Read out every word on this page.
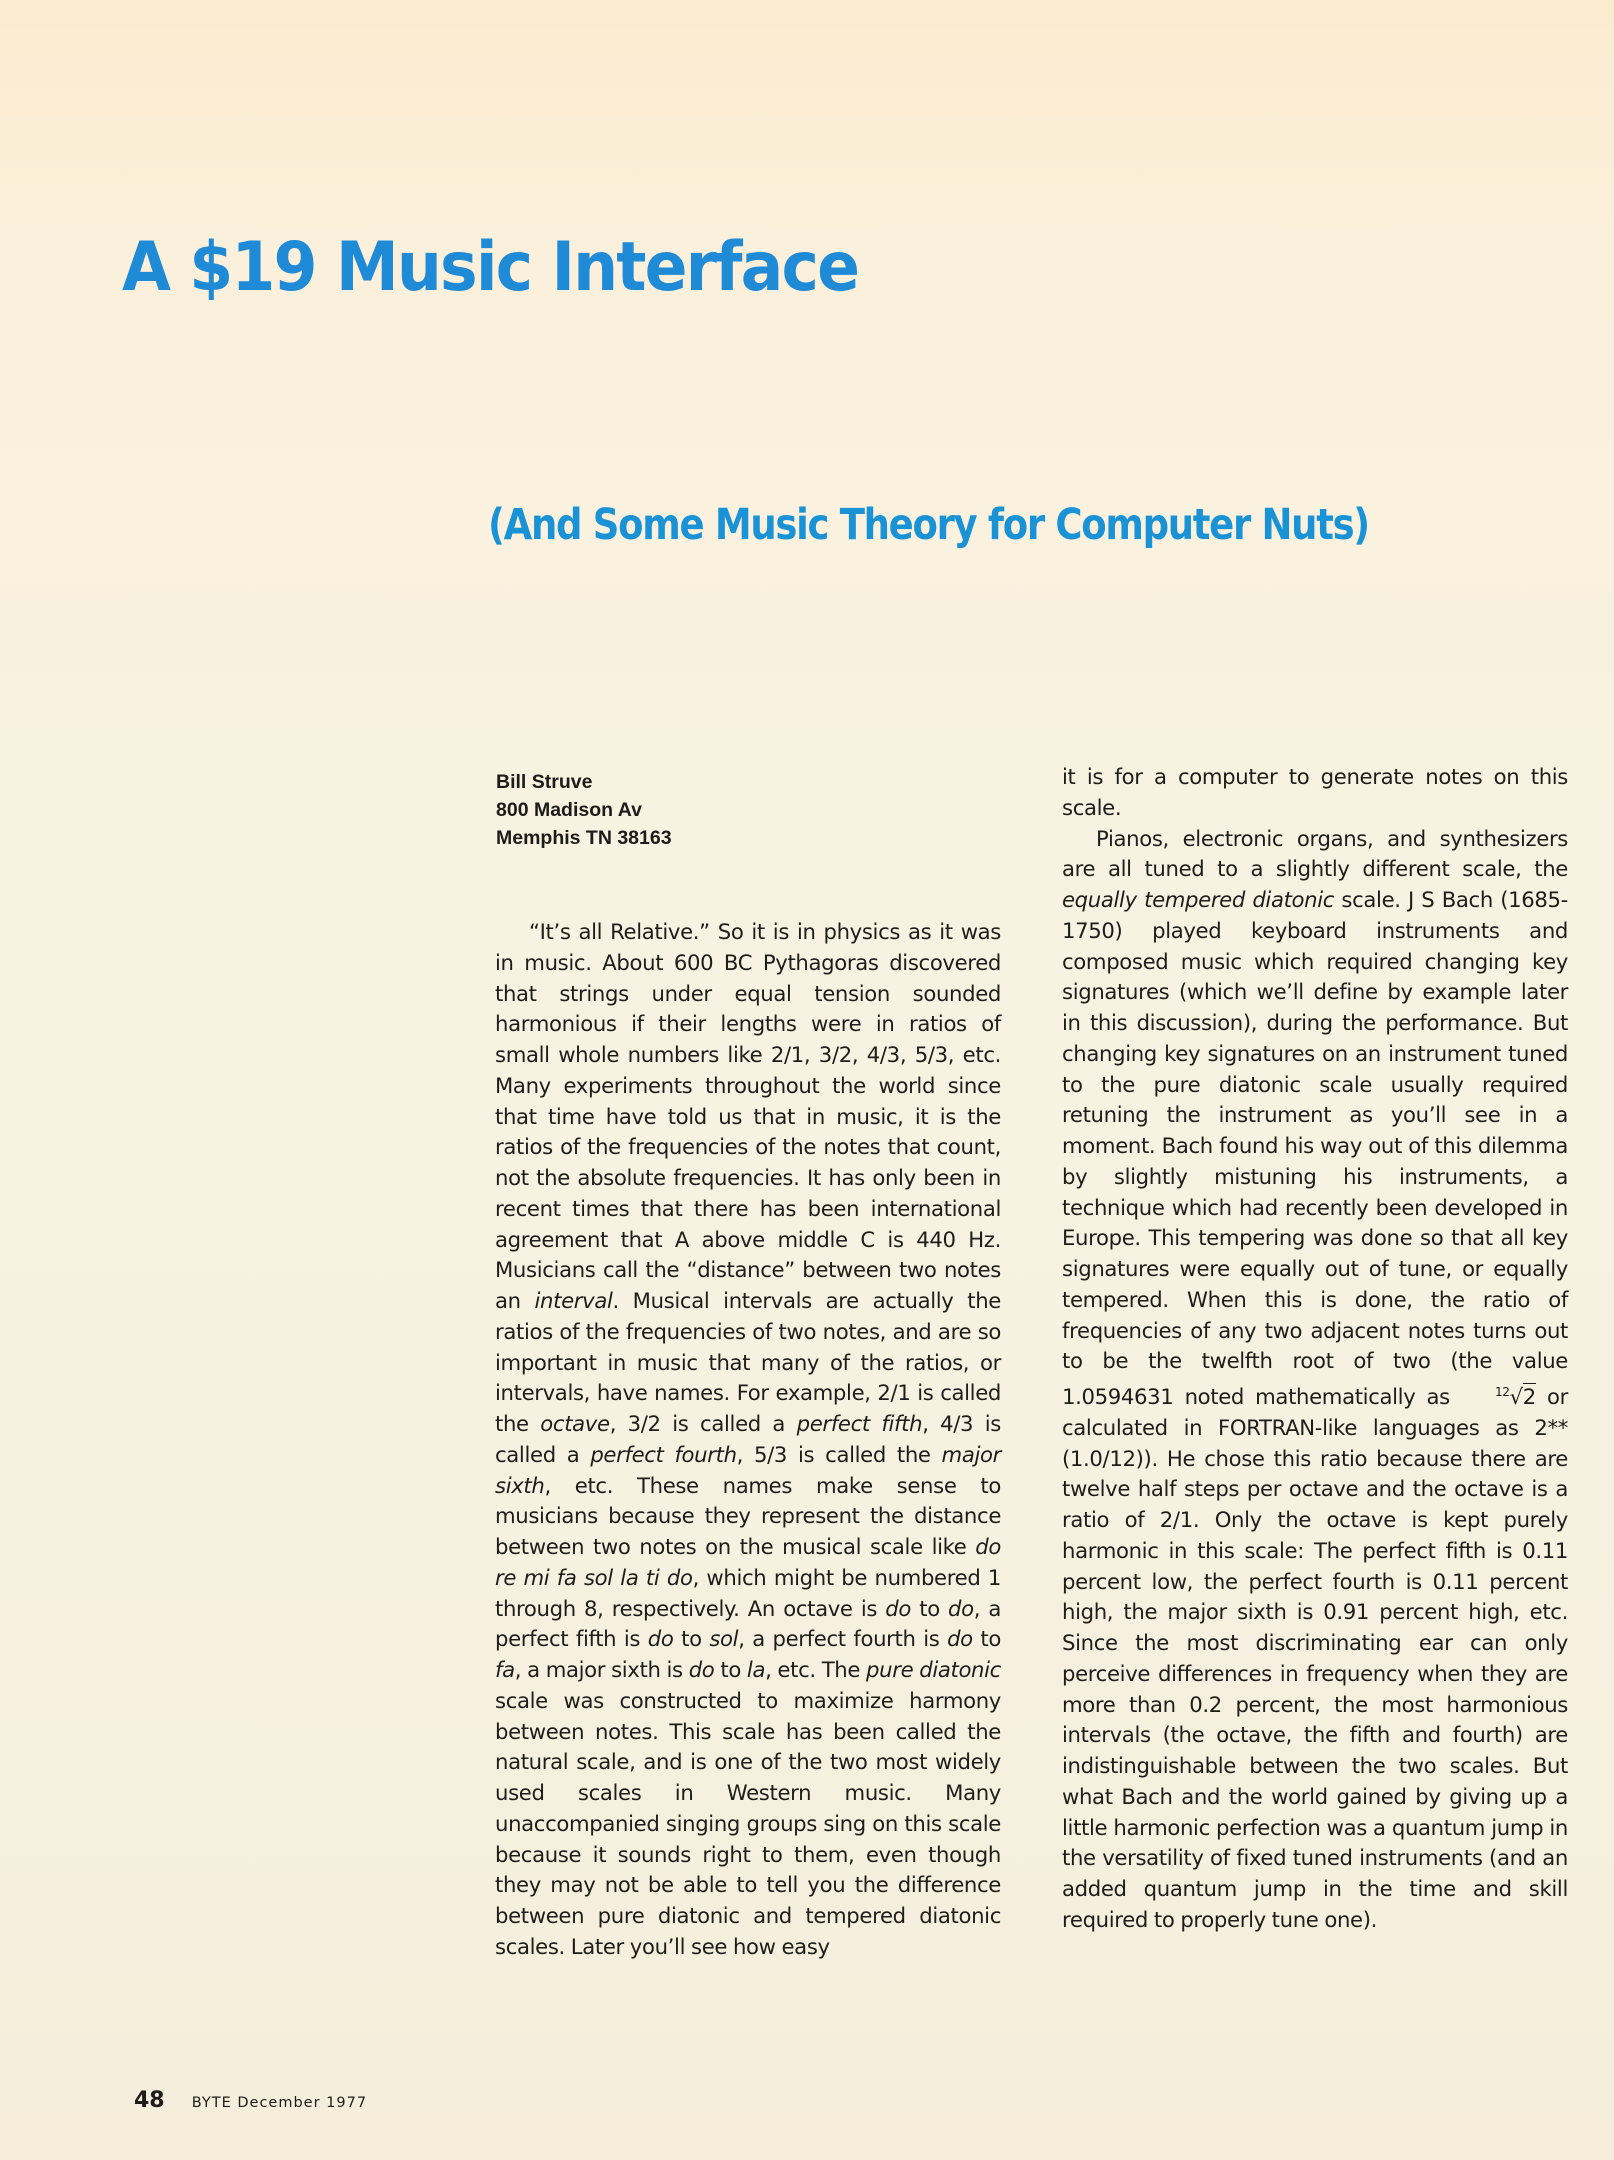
A $19 Music Interface
(And Some Music Theory for Computer Nuts)
Bill Struve
800 Madison Av
Memphis TN 38163

“It’s all Relative.” So it is in physics as it was in music. About 600 BC Pythagoras discovered that strings under equal tension sounded harmonious if their lengths were in ratios of small whole numbers like 2/1, 3/2, 4/3, 5/3, etc. Many experiments throughout the world since that time have told us that in music, it is the ratios of the frequencies of the notes that count, not the absolute frequencies. It has only been in recent times that there has been international agreement that A above middle C is 440 Hz. Musicians call the “distance” between two notes an interval. Musical intervals are actually the ratios of the frequencies of two notes, and are so important in music that many of the ratios, or intervals, have names. For example, 2/1 is called the octave, 3/2 is called a perfect fifth, 4/3 is called a perfect fourth, 5/3 is called the major sixth, etc. These names make sense to musicians because they represent the distance between two notes on the musical scale like do re mi fa sol la ti do, which might be numbered 1 through 8, respectively. An octave is do to do, a perfect fifth is do to sol, a perfect fourth is do to fa, a major sixth is do to la, etc. The pure diatonic scale was constructed to maximize harmony between notes. This scale has been called the natural scale, and is one of the two most widely used scales in Western music. Many unaccompanied singing groups sing on this scale because it sounds right to them, even though they may not be able to tell you the difference between pure diatonic and tempered diatonic scales. Later you’ll see how easy

it is for a computer to generate notes on this scale.

Pianos, electronic organs, and synthesizers are all tuned to a slightly different scale, the equally tempered diatonic scale. J S Bach (1685-1750) played keyboard instruments and composed music which required changing key signatures (which we’ll define by example later in this discussion), during the performance. But changing key signatures on an instrument tuned to the pure diatonic scale usually required retuning the instrument as you’ll see in a moment. Bach found his way out of this dilemma by slightly mistuning his instruments, a technique which had recently been developed in Europe. This tempering was done so that all key signatures were equally out of tune, or equally tempered. When this is done, the ratio of frequencies of any two adjacent notes turns out to be the twelfth root of two (the value 1.0594631 noted mathematically as	$^{12}$√2 or calculated in FORTRAN-like languages as 2**(1.0/12)). He chose this ratio because there are twelve half steps per octave and the octave is a ratio of 2/1. Only the octave is kept purely harmonic in this scale: The perfect fifth is 0.11 percent low, the perfect fourth is 0.11 percent high, the major sixth is 0.91 percent high, etc. Since the most discriminating ear can only perceive differences in frequency when they are more than 0.2 percent, the most harmonious intervals (the octave, the fifth and fourth) are indistinguishable between the two scales. But what Bach and the world gained by giving up a little harmonic perfection was a quantum jump in the versatility of fixed tuned instruments (and an added quantum jump in the time and skill required to properly tune one).

48 BYTE December 1977
